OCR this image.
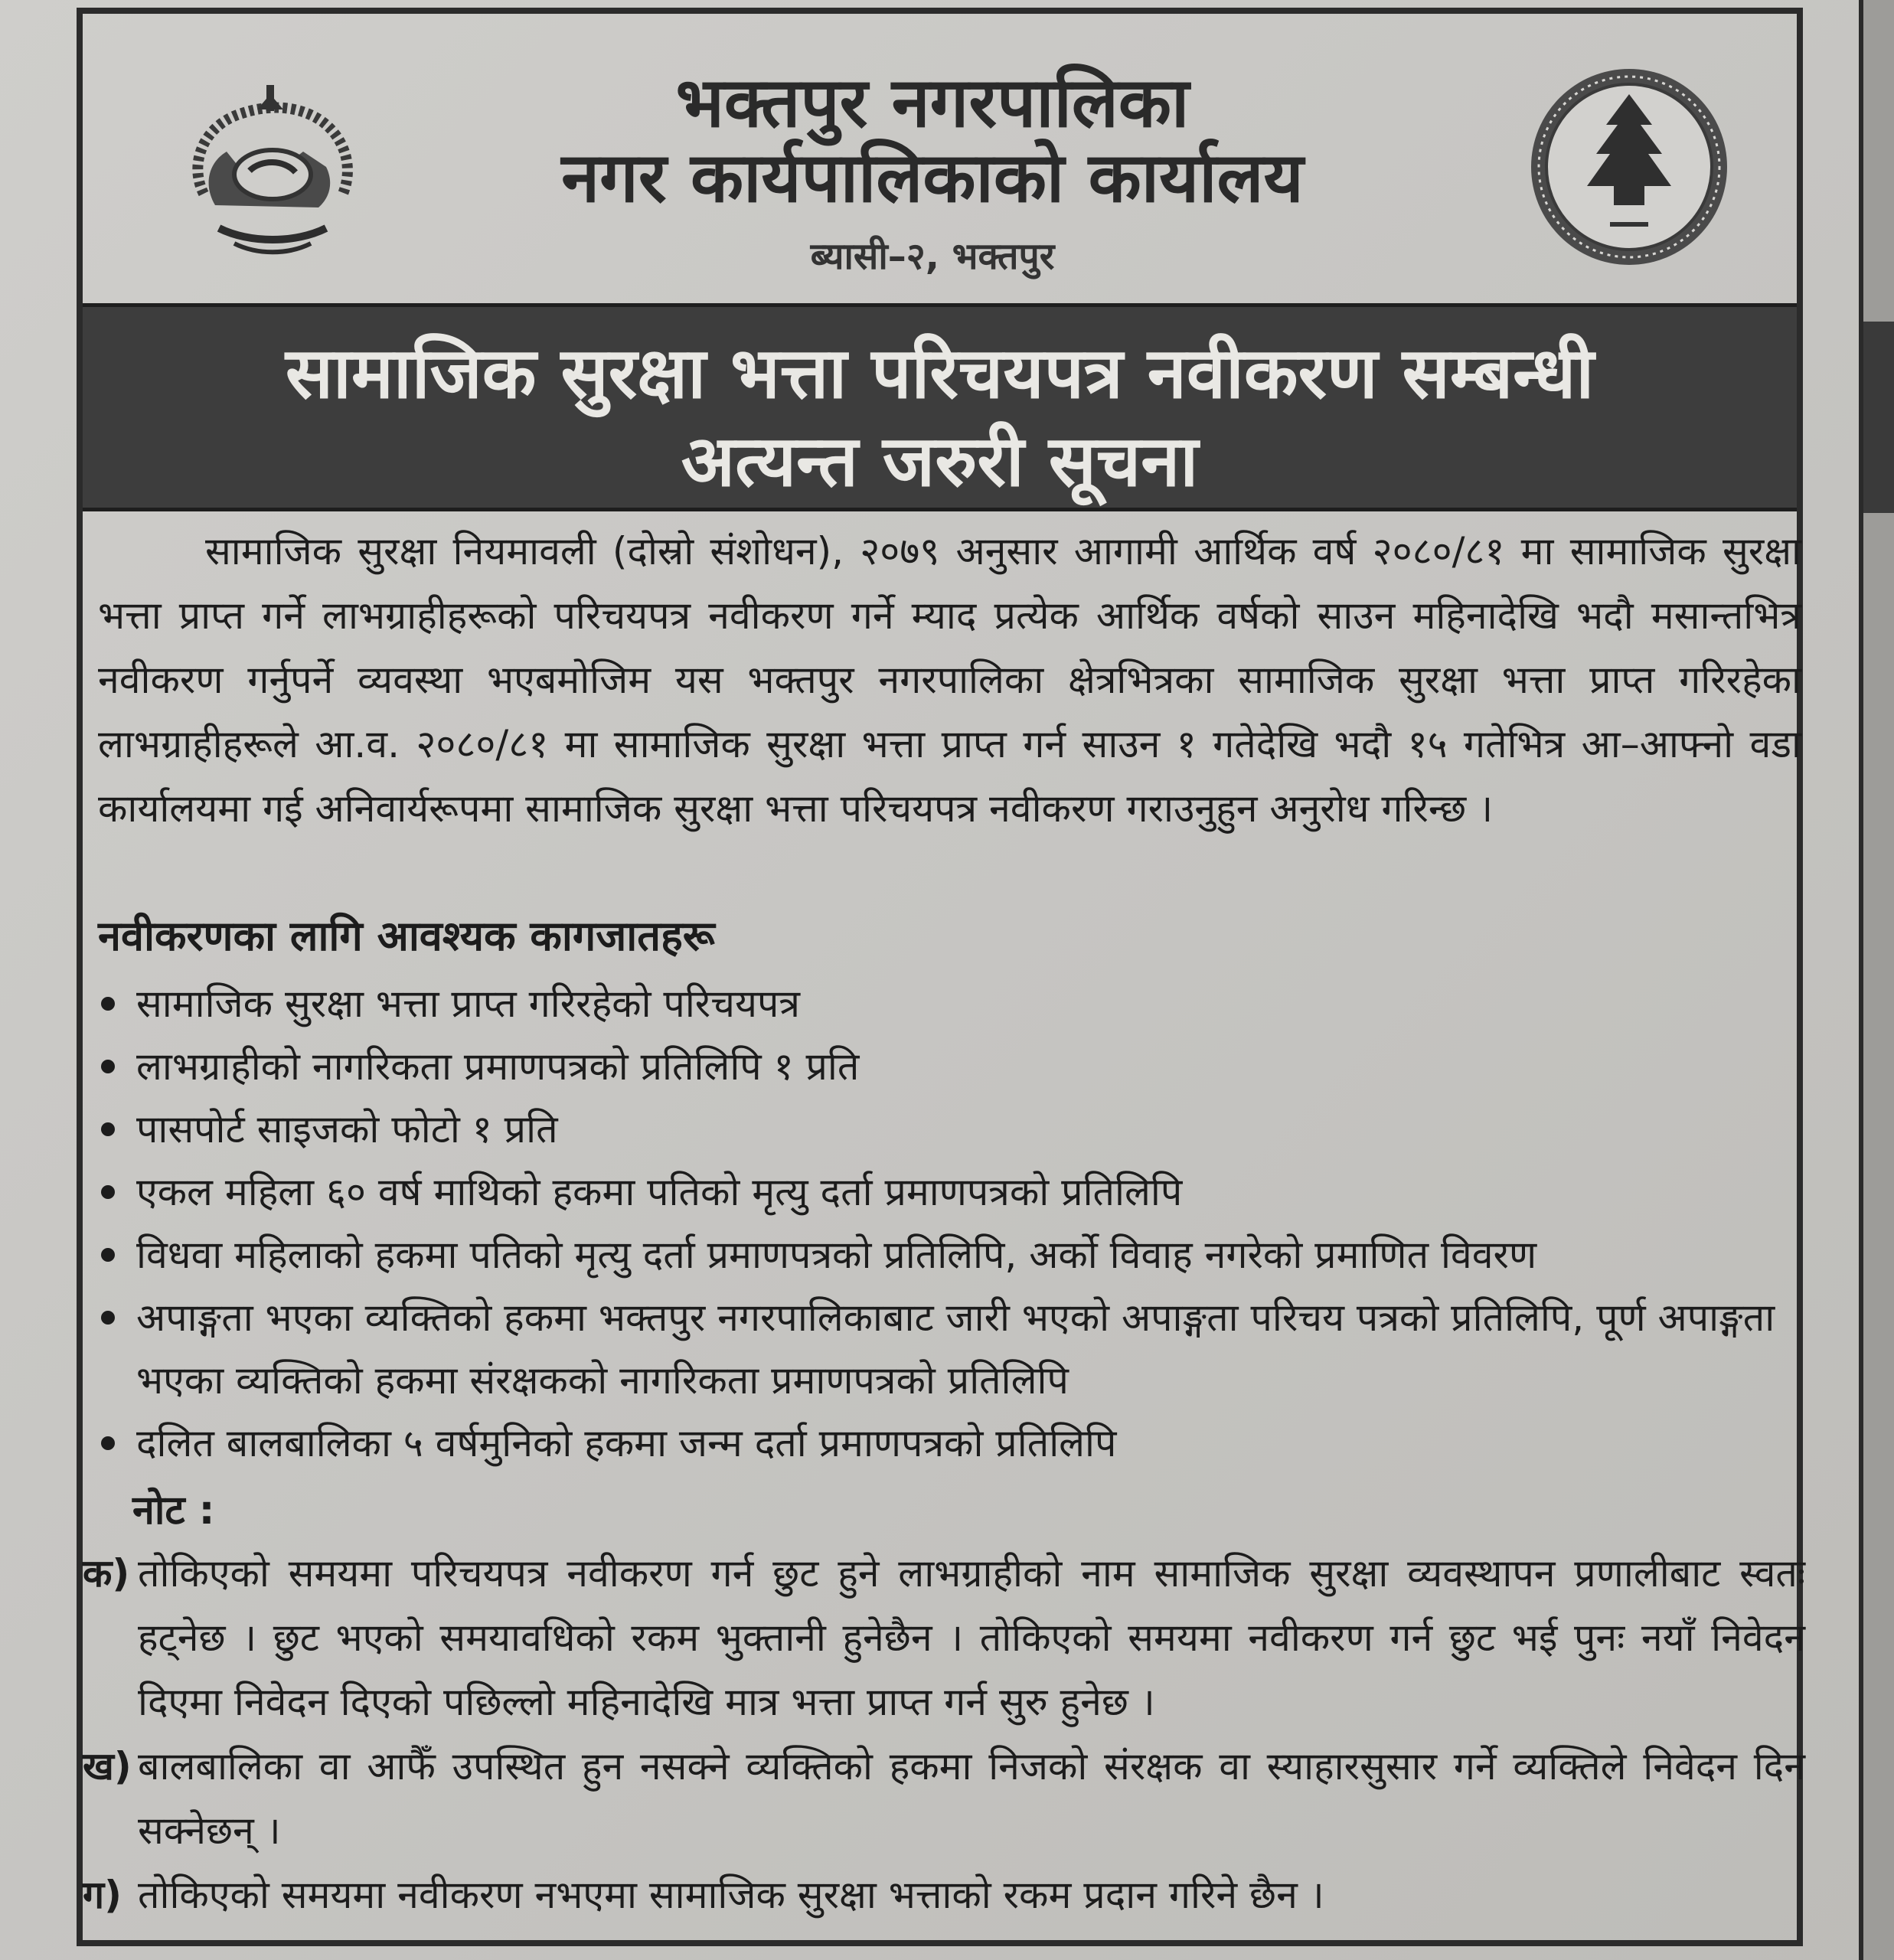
भक्तपुर नगरपालिका
नगर कार्यपालिकाको कार्यालय
ब्यासी–२, भक्तपुर
सामाजिक सुरक्षा भत्ता परिचयपत्र नवीकरण सम्बन्धी
अत्यन्त जरुरी सूचना

सामाजिक सुरक्षा नियमावली (दोस्रो संशोधन), २०७९ अनुसार आगामी आर्थिक वर्ष २०८०/८१ मा सामाजिक सुरक्षा भत्ता प्राप्त गर्ने लाभग्राहीहरूको परिचयपत्र नवीकरण गर्ने म्याद प्रत्येक आर्थिक वर्षको साउन महिनादेखि भदौ मसान्तभित्र नवीकरण गर्नुपर्ने व्यवस्था भएबमोजिम यस भक्तपुर नगरपालिका क्षेत्रभित्रका सामाजिक सुरक्षा भत्ता प्राप्त गरिरहेका लाभग्राहीहरूले आ.व. २०८०/८१ मा सामाजिक सुरक्षा भत्ता प्राप्त गर्न साउन १ गतेदेखि भदौ १५ गतेभित्र आ–आफ्नो वडा कार्यालयमा गई अनिवार्यरूपमा सामाजिक सुरक्षा भत्ता परिचयपत्र नवीकरण गराउनुहुन अनुरोध गरिन्छ ।

नवीकरणका लागि आवश्यक कागजातहरू
सामाजिक सुरक्षा भत्ता प्राप्त गरिरहेको परिचयपत्र
लाभग्राहीको नागरिकता प्रमाणपत्रको प्रतिलिपि १ प्रति
पासपोर्ट साइजको फोटो १ प्रति
एकल महिला ६० वर्ष माथिको हकमा पतिको मृत्यु दर्ता प्रमाणपत्रको प्रतिलिपि
विधवा महिलाको हकमा पतिको मृत्यु दर्ता प्रमाणपत्रको प्रतिलिपि, अर्को विवाह नगरेको प्रमाणित विवरण
अपाङ्गता भएका व्यक्तिको हकमा भक्तपुर नगरपालिकाबाट जारी भएको अपाङ्गता परिचय पत्रको प्रतिलिपि, पूर्ण अपाङ्गता भएका व्यक्तिको हकमा संरक्षकको नागरिकता प्रमाणपत्रको प्रतिलिपि
दलित बालबालिका ५ वर्षमुनिको हकमा जन्म दर्ता प्रमाणपत्रको प्रतिलिपि
नोट :
क) तोकिएको समयमा परिचयपत्र नवीकरण गर्न छुट हुने लाभग्राहीको नाम सामाजिक सुरक्षा व्यवस्थापन प्रणालीबाट स्वतः हट्नेछ । छुट भएको समयावधिको रकम भुक्तानी हुनेछैन । तोकिएको समयमा नवीकरण गर्न छुट भई पुनः नयाँ निवेदन दिएमा निवेदन दिएको पछिल्लो महिनादेखि मात्र भत्ता प्राप्त गर्न सुरु हुनेछ ।
ख) बालबालिका वा आफैँ उपस्थित हुन नसक्ने व्यक्तिको हकमा निजको संरक्षक वा स्याहारसुसार गर्ने व्यक्तिले निवेदन दिन सक्नेछन् ।
ग) तोकिएको समयमा नवीकरण नभएमा सामाजिक सुरक्षा भत्ताको रकम प्रदान गरिने छैन ।
